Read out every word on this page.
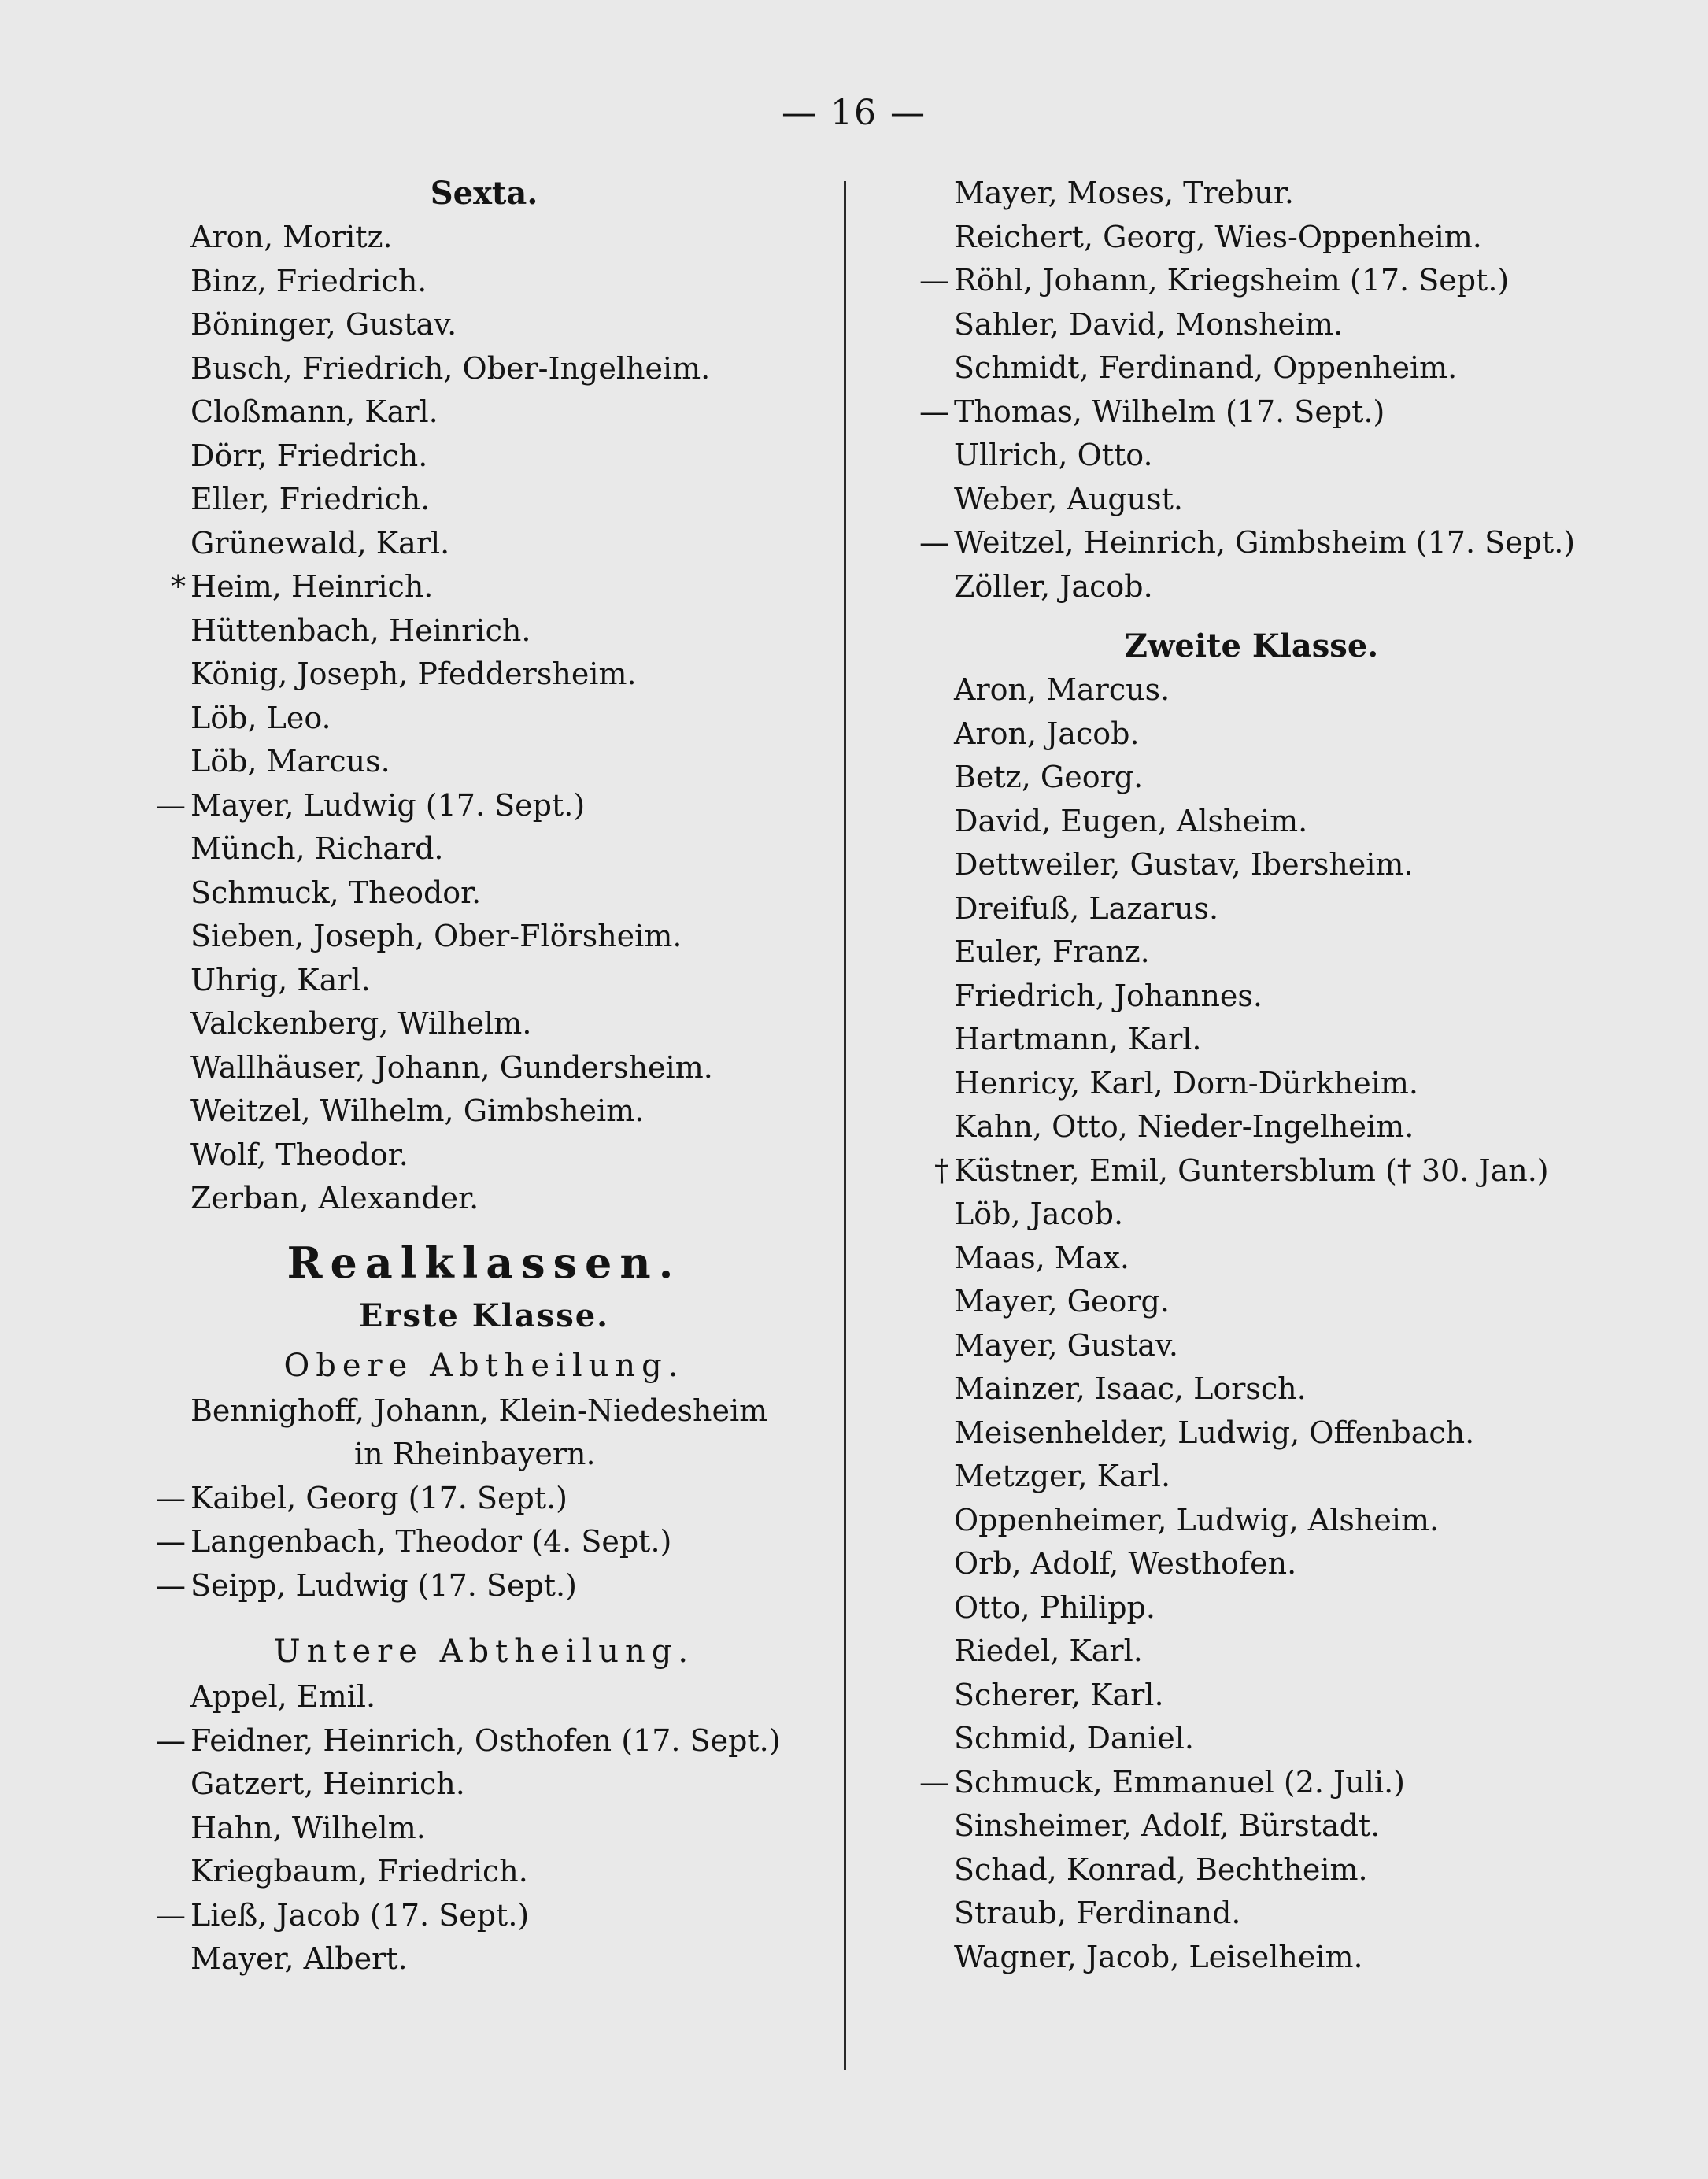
— 16 —
Sexta.
Aron, Moritz.
Binz, Friedrich.
Böninger, Gustav.
Busch, Friedrich, Ober-Ingelheim.
Cloßmann, Karl.
Dörr, Friedrich.
Eller, Friedrich.
Grünewald, Karl.
* Heim, Heinrich.
Hüttenbach, Heinrich.
König, Joseph, Pfeddersheim.
Löb, Leo.
Löb, Marcus.
— Mayer, Ludwig (17. Sept.)
Münch, Richard.
Schmuck, Theodor.
Sieben, Joseph, Ober-Flörsheim.
Uhrig, Karl.
Valckenberg, Wilhelm.
Wallhäuser, Johann, Gundersheim.
Weitzel, Wilhelm, Gimbsheim.
Wolf, Theodor.
Zerban, Alexander.
Realklassen.
Erste Klasse.
Obere Abtheilung.
Bennighoff, Johann, Klein-Niedesheim
in Rheinbayern.
— Kaibel, Georg (17. Sept.)
— Langenbach, Theodor (4. Sept.)
— Seipp, Ludwig (17. Sept.)
Untere Abtheilung.
Appel, Emil.
— Feidner, Heinrich, Osthofen (17. Sept.)
Gatzert, Heinrich.
Hahn, Wilhelm.
Kriegbaum, Friedrich.
— Ließ, Jacob (17. Sept.)
Mayer, Albert.
Mayer, Moses, Trebur.
Reichert, Georg, Wies-Oppenheim.
— Röhl, Johann, Kriegsheim (17. Sept.)
Sahler, David, Monsheim.
Schmidt, Ferdinand, Oppenheim.
— Thomas, Wilhelm (17. Sept.)
Ullrich, Otto.
Weber, August.
— Weitzel, Heinrich, Gimbsheim (17. Sept.)
Zöller, Jacob.
Zweite Klasse.
Aron, Marcus.
Aron, Jacob.
Betz, Georg.
David, Eugen, Alsheim.
Dettweiler, Gustav, Ibersheim.
Dreifuß, Lazarus.
Euler, Franz.
Friedrich, Johannes.
Hartmann, Karl.
Henricy, Karl, Dorn-Dürkheim.
Kahn, Otto, Nieder-Ingelheim.
† Küstner, Emil, Guntersblum († 30. Jan.)
Löb, Jacob.
Maas, Max.
Mayer, Georg.
Mayer, Gustav.
Mainzer, Isaac, Lorsch.
Meisenhelder, Ludwig, Offenbach.
Metzger, Karl.
Oppenheimer, Ludwig, Alsheim.
Orb, Adolf, Westhofen.
Otto, Philipp.
Riedel, Karl.
Scherer, Karl.
Schmid, Daniel.
— Schmuck, Emmanuel (2. Juli.)
Sinsheimer, Adolf, Bürstadt.
Schad, Konrad, Bechtheim.
Straub, Ferdinand.
Wagner, Jacob, Leiselheim.
